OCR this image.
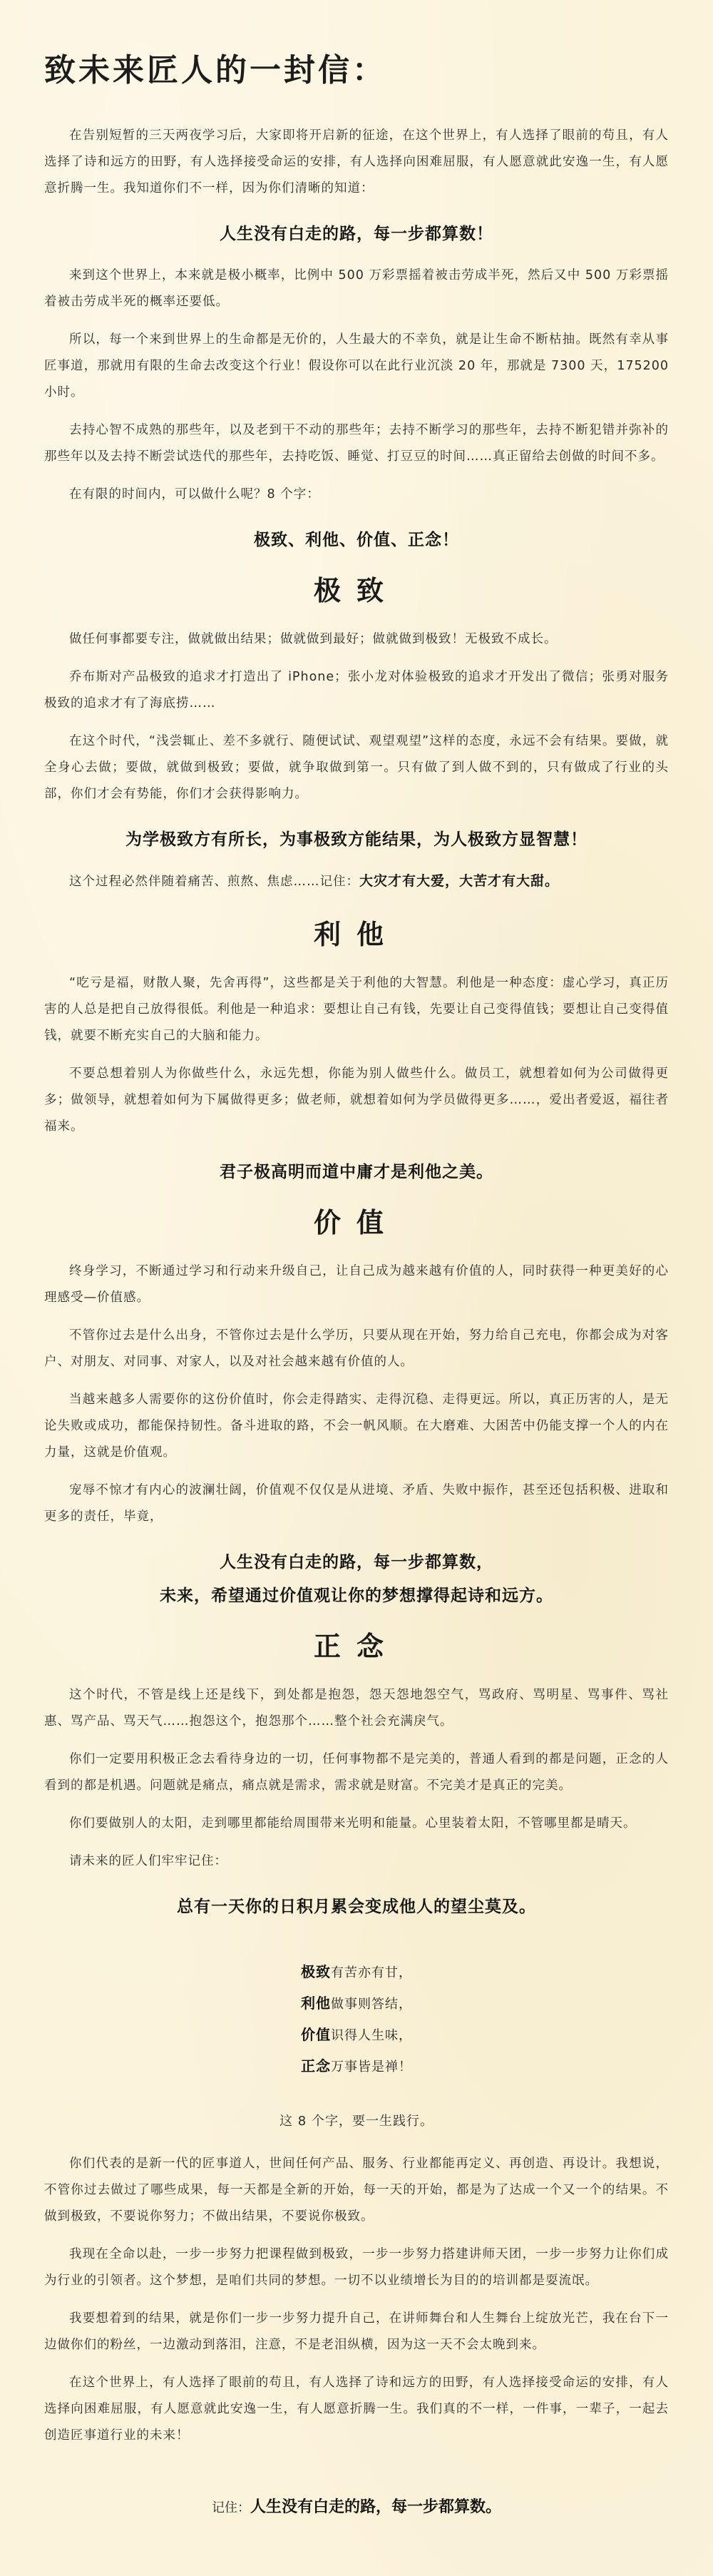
致未来匠人的一封信：

在告别短暂的三天两夜学习后，大家即将开启新的征途，在这个世界上，有人选择了眼前的苟且，有人选择了诗和远方的田野，有人选择接受命运的安排，有人选择向困难屈服，有人愿意就此安逸一生，有人愿意折腾一生。我知道你们不一样，因为你们清晰的知道：

人生没有白走的路，每一步都算数！

来到这个世界上，本来就是极小概率，比例中 500 万彩票摇着被击劳成半死，然后又中 500 万彩票摇着被击劳成半死的概率还要低。

所以，每一个来到世界上的生命都是无价的，人生最大的不幸负，就是让生命不断枯抽。既然有幸从事匠事道，那就用有限的生命去改变这个行业！假设你可以在此行业沉淡 20 年，那就是 7300 天，175200 小时。

去持心智不成熟的那些年，以及老到干不动的那些年；去持不断学习的那些年，去持不断犯错并弥补的那些年以及去持不断尝试迭代的那些年，去持吃饭、睡觉、打豆豆的时间……真正留给去创做的时间不多。

在有限的时间内，可以做什么呢？8 个字：

极致、利他、价值、正念！
极致

做任何事都要专注，做就做出结果；做就做到最好；做就做到极致！无极致不成长。

乔布斯对产品极致的追求才打造出了 iPhone；张小龙对体验极致的追求才开发出了微信；张勇对服务极致的追求才有了海底捞……

在这个时代，“浅尝辄止、差不多就行、随便试试、观望观望”这样的态度，永远不会有结果。要做，就全身心去做；要做，就做到极致；要做，就争取做到第一。只有做了到人做不到的，只有做成了行业的头部，你们才会有势能，你们才会获得影响力。

为学极致方有所长，为事极致方能结果，为人极致方显智慧！

这个过程必然伴随着痛苦、煎熬、焦虑……记住：大灾才有大爱，大苦才有大甜。

利他

“吃亏是福，财散人聚，先舍再得”，这些都是关于利他的大智慧。利他是一种态度：虚心学习，真正历害的人总是把自己放得很低。利他是一种追求：要想让自己有钱，先要让自己变得值钱；要想让自己变得值钱，就要不断充实自己的大脑和能力。

不要总想着别人为你做些什么，永远先想，你能为别人做些什么。做员工，就想着如何为公司做得更多；做领导，就想着如何为下属做得更多；做老师，就想着如何为学员做得更多……，爱出者爱返，福往者福来。

君子极高明而道中庸才是利他之美。
价值

终身学习，不断通过学习和行动来升级自己，让自己成为越来越有价值的人，同时获得一种更美好的心理感受—价值感。

不管你过去是什么出身，不管你过去是什么学历，只要从现在开始，努力给自己充电，你都会成为对客户、对朋友、对同事、对家人，以及对社会越来越有价值的人。

当越来越多人需要你的这份价值时，你会走得踏实、走得沉稳、走得更远。所以，真正历害的人，是无论失败或成功，都能保持韧性。备斗进取的路，不会一帆风顺。在大磨难、大困苦中仍能支撑一个人的内在力量，这就是价值观。

宠辱不惊才有内心的波澜壮阔，价值观不仅仅是从进境、矛盾、失败中振作，甚至还包括积极、进取和更多的责任，毕竟，

人生没有白走的路，每一步都算数，
未来，希望通过价值观让你的梦想撑得起诗和远方。
正念

这个时代，不管是线上还是线下，到处都是抱怨，怨天怨地怨空气，骂政府、骂明星、骂事件、骂社惠、骂产品、骂天气……抱怨这个，抱怨那个……整个社会充满戾气。

你们一定要用积极正念去看待身边的一切，任何事物都不是完美的，普通人看到的都是问题，正念的人看到的都是机遇。问题就是痛点，痛点就是需求，需求就是财富。不完美才是真正的完美。

你们要做别人的太阳，走到哪里都能给周围带来光明和能量。心里装着太阳，不管哪里都是晴天。

请未来的匠人们牢牢记住：

总有一天你的日积月累会变成他人的望尘莫及。
极致有苦亦有甘，
利他做事则答结，
价值识得人生味，
正念万事皆是禅！
这 8 个字，要一生践行。

你们代表的是新一代的匠事道人，世间任何产品、服务、行业都能再定义、再创造、再设计。我想说，不管你过去做过了哪些成果，每一天都是全新的开始，每一天的开始，都是为了达成一个又一个的结果。不做到极致，不要说你努力；不做出结果，不要说你极致。

我现在全命以赴，一步一步努力把课程做到极致，一步一步努力搭建讲师天团，一步一步努力让你们成为行业的引领者。这个梦想，是咱们共同的梦想。一切不以业绩增长为目的的培训都是耍流氓。

我要想着到的结果，就是你们一步一步努力提升自己，在讲师舞台和人生舞台上绽放光芒，我在台下一边做你们的粉丝，一边激动到落泪，注意，不是老泪纵横，因为这一天不会太晚到来。

在这个世界上，有人选择了眼前的苟且，有人选择了诗和远方的田野，有人选择接受命运的安排，有人选择向困难屈服，有人愿意就此安逸一生，有人愿意折腾一生。我们真的不一样，一件事，一辈子，一起去创造匠事道行业的未来！

记住：人生没有白走的路，每一步都算数。
